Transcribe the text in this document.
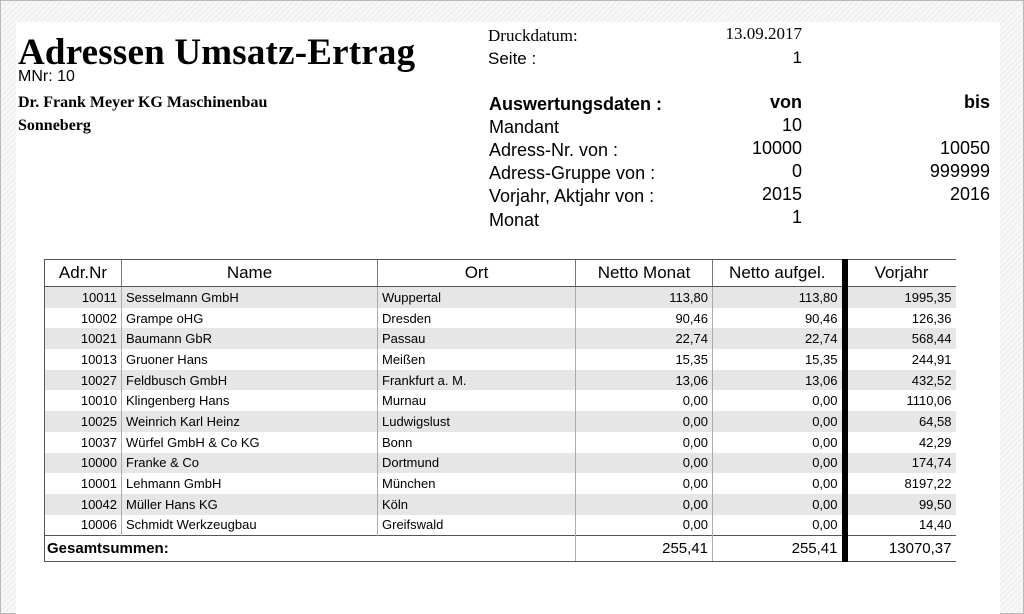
Adressen Umsatz-Ertrag
MNr: 10
Dr. Frank Meyer KG Maschinenbau
Sonneberg
Druckdatum:	13.09.2017
Seite :	1
Auswertungsdaten :	von	bis
Mandant	10
Adress-Nr. von :	10000	10050
Adress-Gruppe von :	0	999999
Vorjahr, Aktjahr von :	2015	2016
Monat	1
Adr.Nr	Name	Ort	Netto Monat	Netto aufgel.	Vorjahr
10011	Sesselmann GmbH	Wuppertal	113,80	113,80	1995,35
10002	Grampe oHG	Dresden	90,46	90,46	126,36
10021	Baumann GbR	Passau	22,74	22,74	568,44
10013	Gruoner Hans	Meißen	15,35	15,35	244,91
10027	Feldbusch GmbH	Frankfurt a. M.	13,06	13,06	432,52
10010	Klingenberg Hans	Murnau	0,00	0,00	1110,06
10025	Weinrich Karl Heinz	Ludwigslust	0,00	0,00	64,58
10037	Würfel GmbH & Co KG	Bonn	0,00	0,00	42,29
10000	Franke & Co	Dortmund	0,00	0,00	174,74
10001	Lehmann GmbH	München	0,00	0,00	8197,22
10042	Müller Hans KG	Köln	0,00	0,00	99,50
10006	Schmidt Werkzeugbau	Greifswald	0,00	0,00	14,40
Gesamtsummen:			255,41	255,41	13070,37
